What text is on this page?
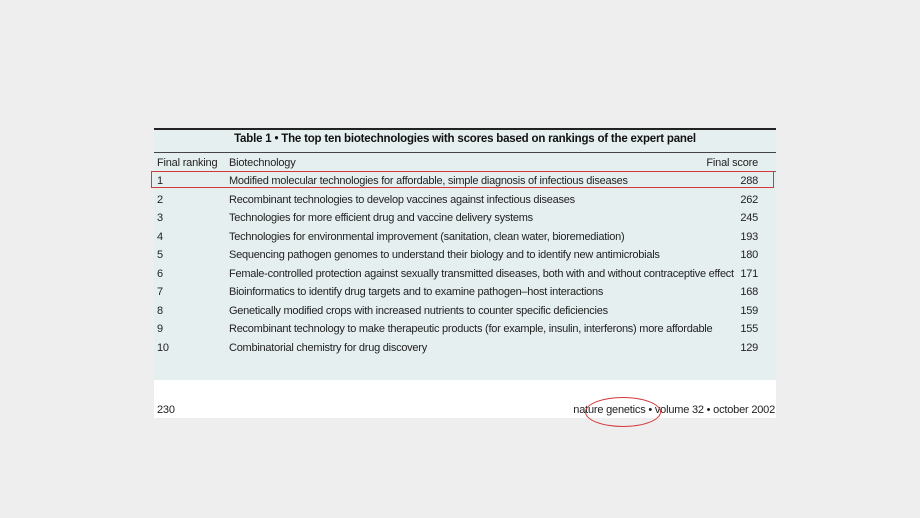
Table 1 • The top ten biotechnologies with scores based on rankings of the expert panel
Final ranking Biotechnology	Final score
1	Modified molecular technologies for affordable, simple diagnosis of infectious diseases	288
2	Recombinant technologies to develop vaccines against infectious diseases	262
3	Technologies for more efficient drug and vaccine delivery systems	245
4	Technologies for environmental improvement (sanitation, clean water, bioremediation)	193
5	Sequencing pathogen genomes to understand their biology and to identify new antimicrobials	180
6	Female-controlled protection against sexually transmitted diseases, both with and without contraceptive effect 171
7	Bioinformatics to identify drug targets and to examine pathogen–host interactions	168
8	Genetically modified crops with increased nutrients to counter specific deficiencies	159
9	Recombinant technology to make therapeutic products (for example, insulin, interferons) more affordable	155
10	Combinatorial chemistry for drug discovery	129
230	nature genetics • volume 32 • october 2002
